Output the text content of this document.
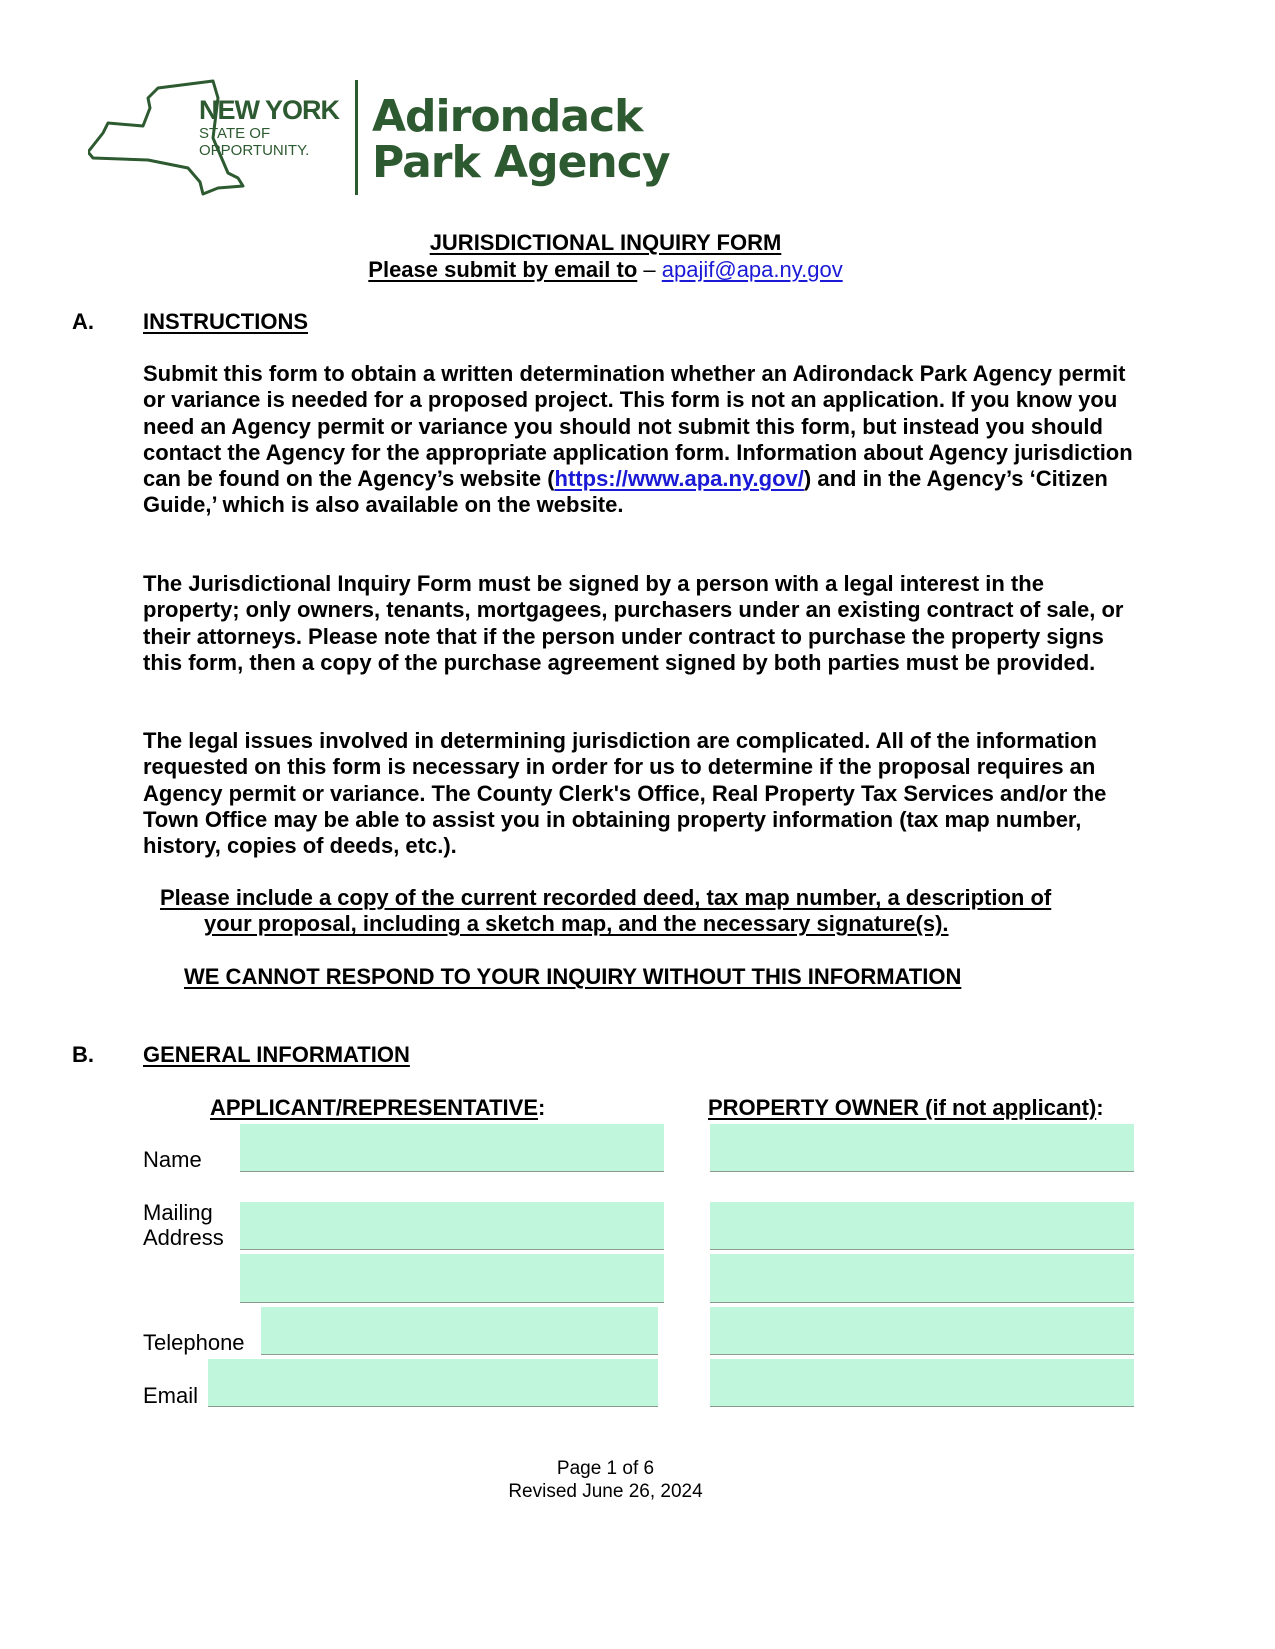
NEW YORK
STATE OF
OPPORTUNITY.
Adirondack
Park Agency
JURISDICTIONAL INQUIRY FORM
Please submit by email to – apajif@apa.ny.gov
A. INSTRUCTIONS
Submit this form to obtain a written determination whether an Adirondack Park Agency permit or variance is needed for a proposed project. This form is not an application. If you know you need an Agency permit or variance you should not submit this form, but instead you should contact the Agency for the appropriate application form. Information about Agency jurisdiction can be found on the Agency’s website (https://www.apa.ny.gov/) and in the Agency’s ‘Citizen Guide,’ which is also available on the website.
The Jurisdictional Inquiry Form must be signed by a person with a legal interest in the property; only owners, tenants, mortgagees, purchasers under an existing contract of sale, or their attorneys. Please note that if the person under contract to purchase the property signs this form, then a copy of the purchase agreement signed by both parties must be provided.
The legal issues involved in determining jurisdiction are complicated. All of the information requested on this form is necessary in order for us to determine if the proposal requires an Agency permit or variance. The County Clerk's Office, Real Property Tax Services and/or the Town Office may be able to assist you in obtaining property information (tax map number, history, copies of deeds, etc.).
Please include a copy of the current recorded deed, tax map number, a description of
your proposal, including a sketch map, and the necessary signature(s).
WE CANNOT RESPOND TO YOUR INQUIRY WITHOUT THIS INFORMATION
B. GENERAL INFORMATION
APPLICANT/REPRESENTATIVE:	PROPERTY OWNER (if not applicant):
Name
Mailing
Address
Telephone
Email
Page 1 of 6
Revised June 26, 2024
